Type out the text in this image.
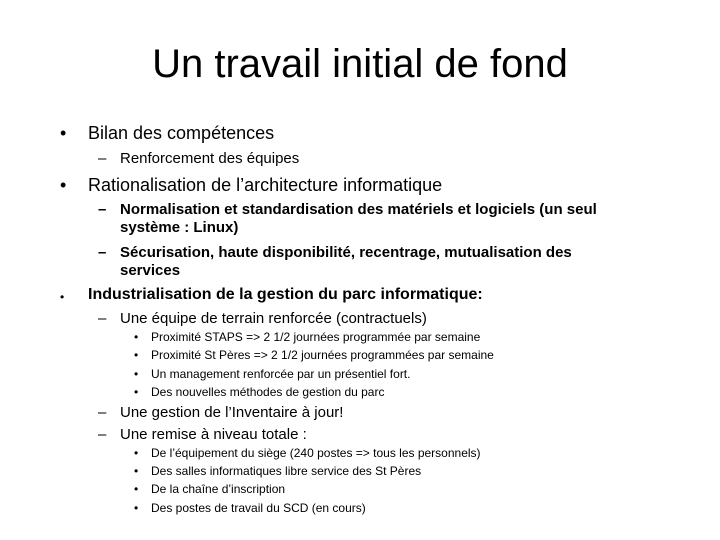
Un travail initial de fond
• Bilan des compétences
– Renforcement des équipes
• Rationalisation de l’architecture informatique
– Normalisation et standardisation des matériels et logiciels (un seul
système : Linux)
– Sécurisation, haute disponibilité, recentrage, mutualisation des
services
• Industrialisation de la gestion du parc informatique:
– Une équipe de terrain renforcée (contractuels)
• Proximité STAPS => 2 1/2 journées programmée par semaine
• Proximité St Pères => 2 1/2 journées programmées par semaine
• Un management renforcée par un présentiel fort.
• Des nouvelles méthodes de gestion du parc
– Une gestion de l’Inventaire à jour!
– Une remise à niveau totale :
• De l’équipement du siège (240 postes => tous les personnels)
• Des salles informatiques libre service des St Pères
• De la chaîne d’inscription
• Des postes de travail du SCD (en cours)
